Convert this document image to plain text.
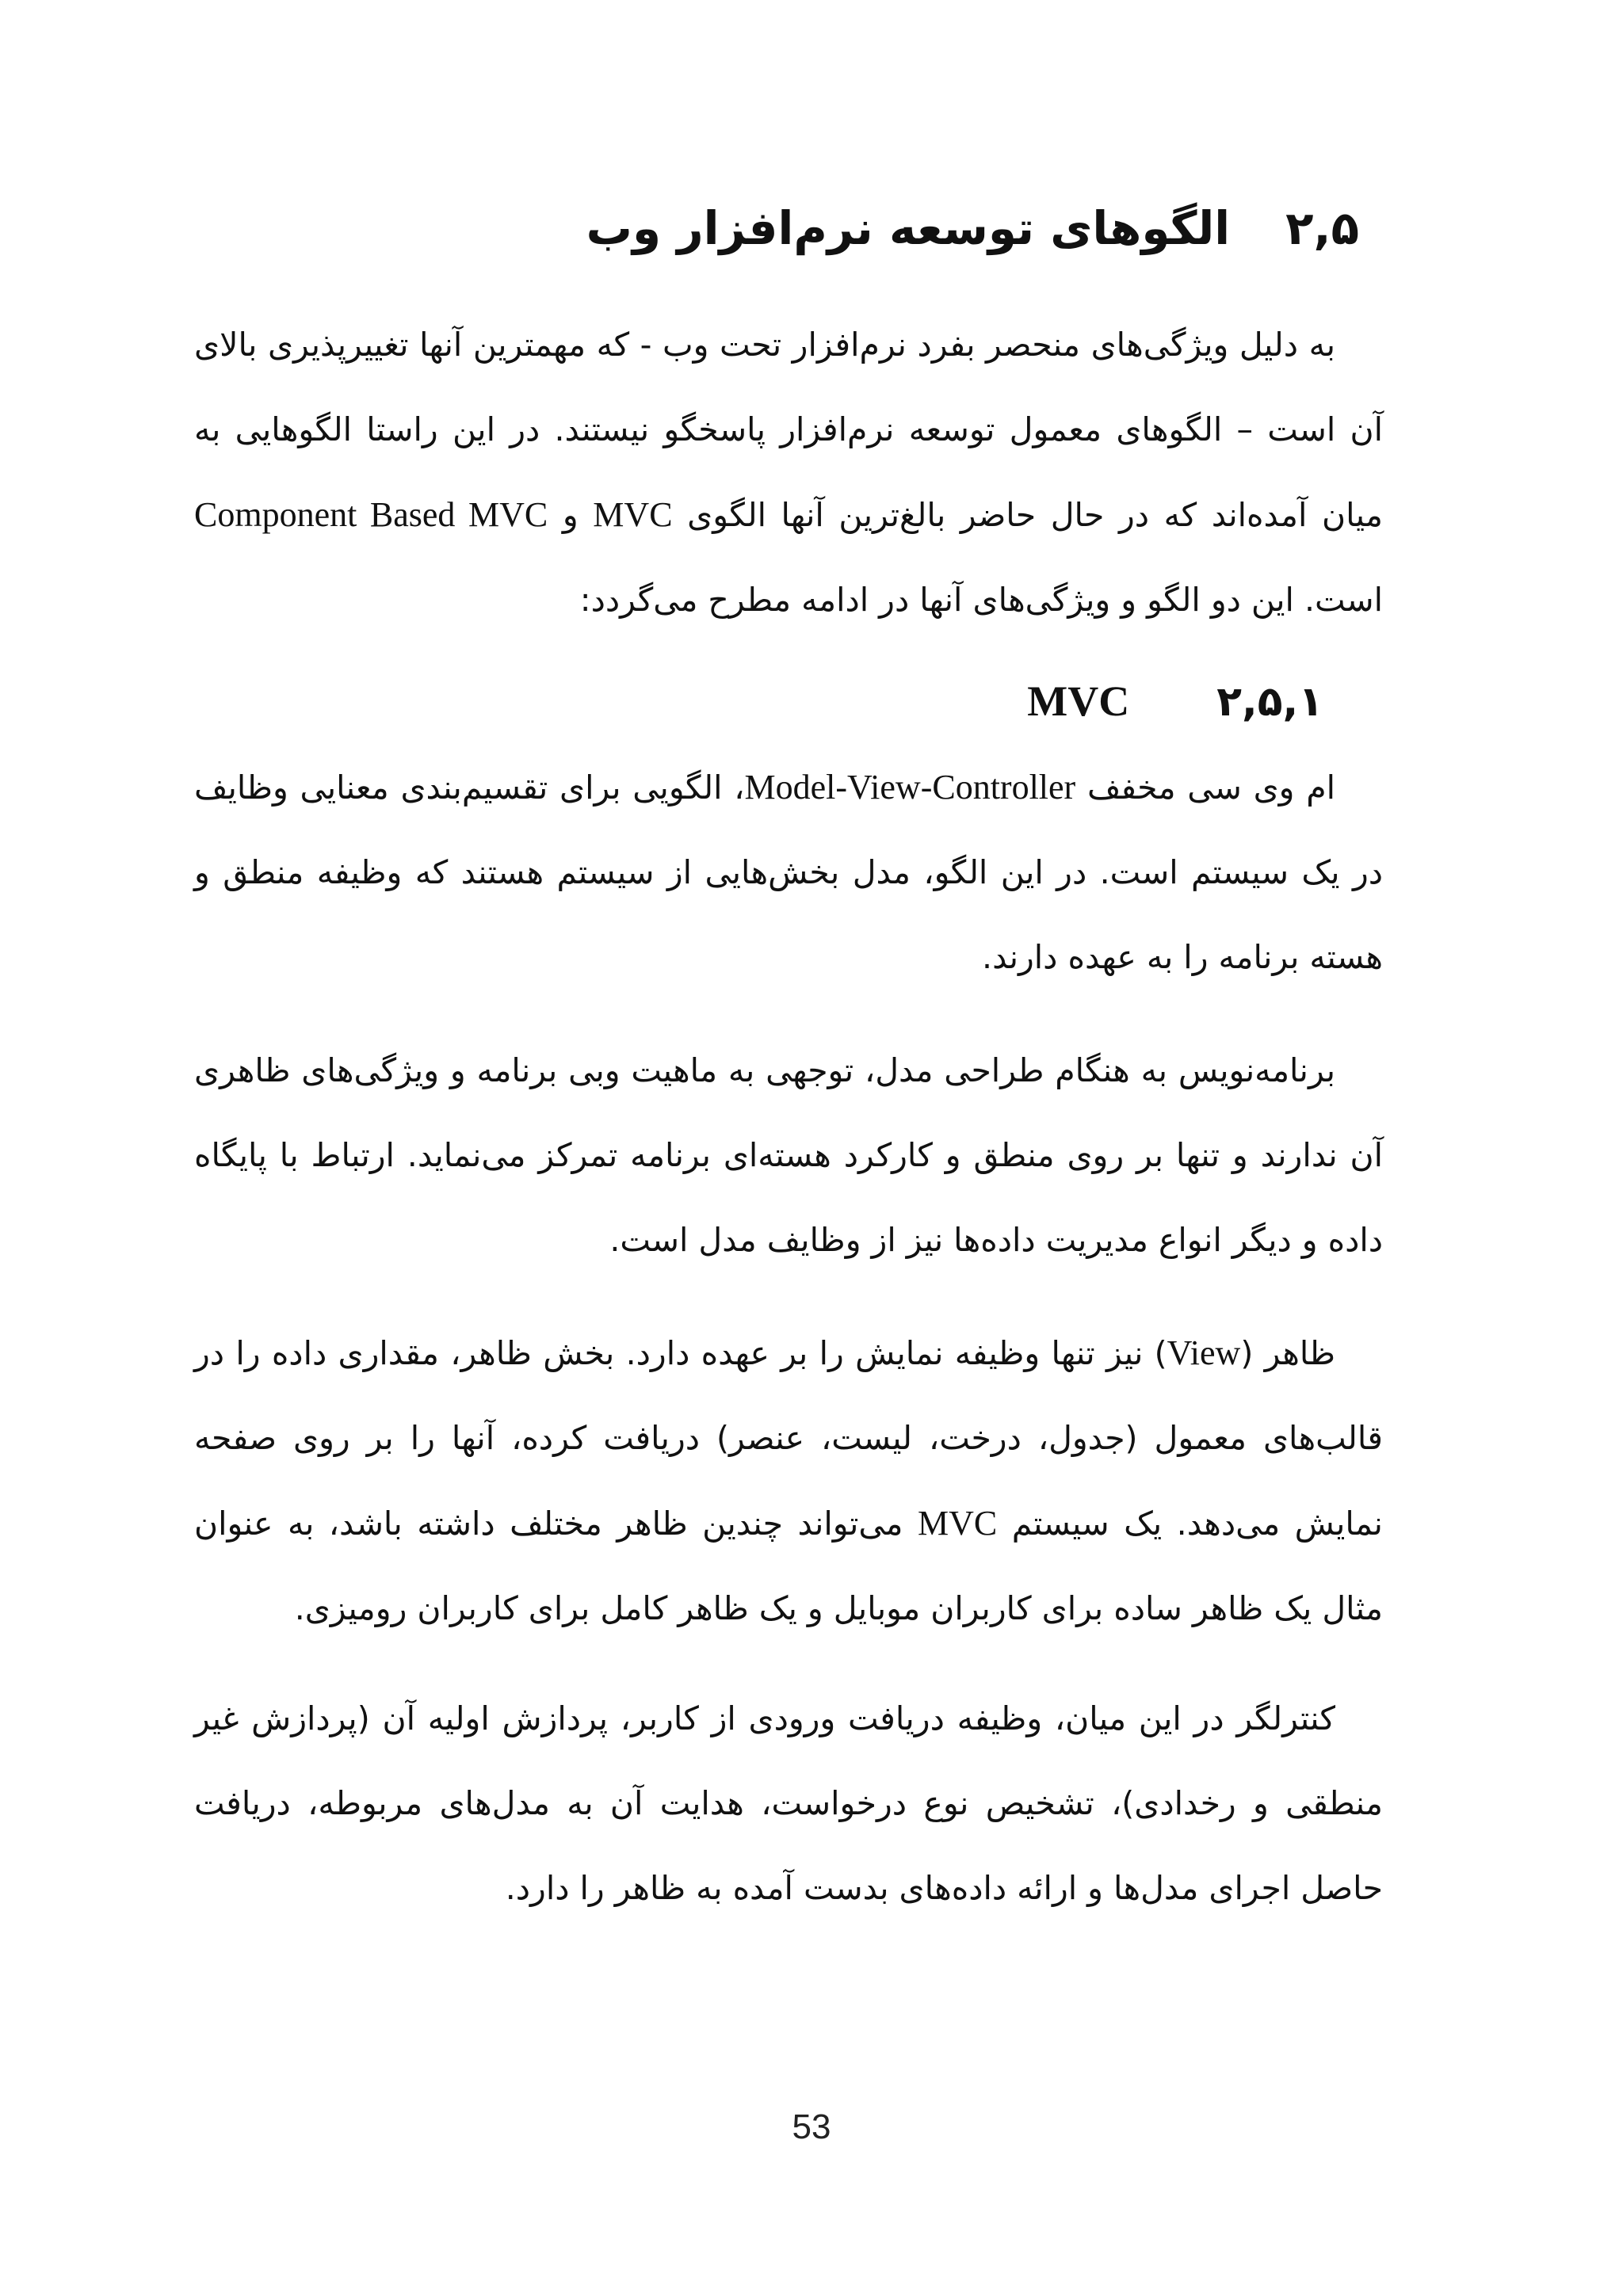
۲,۵
الگوهای توسعه نرم‌افزار وب

به دلیل ویژگی‌های منحصر بفرد نرم‌افزار تحت وب - که مهمترین آنها تغییرپذیری بالای آن است – الگوهای معمول توسعه نرم‌افزار پاسخگو نیستند. در این راستا الگوهایی به میان آمده‌اند که در حال حاضر بالغ‌ترین آنها الگوی MVC و Component Based MVC است. این دو الگو و ویژگی‌های آنها در ادامه مطرح می‌گردد:

۲,۵,۱
MVC

ام وی سی مخفف Model-View-Controller، الگویی برای تقسیم‌بندی معنایی وظایف در یک سیستم است. در این الگو، مدل بخش‌هایی از سیستم هستند که وظیفه منطق و هسته برنامه را به عهده دارند.

برنامه‌نویس به هنگام طراحی مدل، توجهی به ماهیت وبی برنامه و ویژگی‌های ظاهری آن ندارند و تنها بر روی منطق و کارکرد هسته‌ای برنامه تمرکز می‌نماید. ارتباط با پایگاه داده و دیگر انواع مدیریت داده‌ها نیز از وظایف مدل است.

ظاهر (View) نیز تنها وظیفه نمایش را بر عهده دارد. بخش ظاهر، مقداری داده را در قالب‌های معمول (جدول، درخت، لیست، عنصر) دریافت کرده، آنها را بر روی صفحه نمایش می‌دهد. یک سیستم MVC می‌تواند چندین ظاهر مختلف داشته باشد، به عنوان مثال یک ظاهر ساده برای کاربران موبایل و یک ظاهر کامل برای کاربران رومیزی.

کنترلگر در این میان، وظیفه دریافت ورودی از کاربر، پردازش اولیه آن (پردازش غیر منطقی و رخدادی)، تشخیص نوع درخواست، هدایت آن به مدل‌های مربوطه، دریافت حاصل اجرای مدل‌ها و ارائه داده‌های بدست آمده به ظاهر را دارد.

53
